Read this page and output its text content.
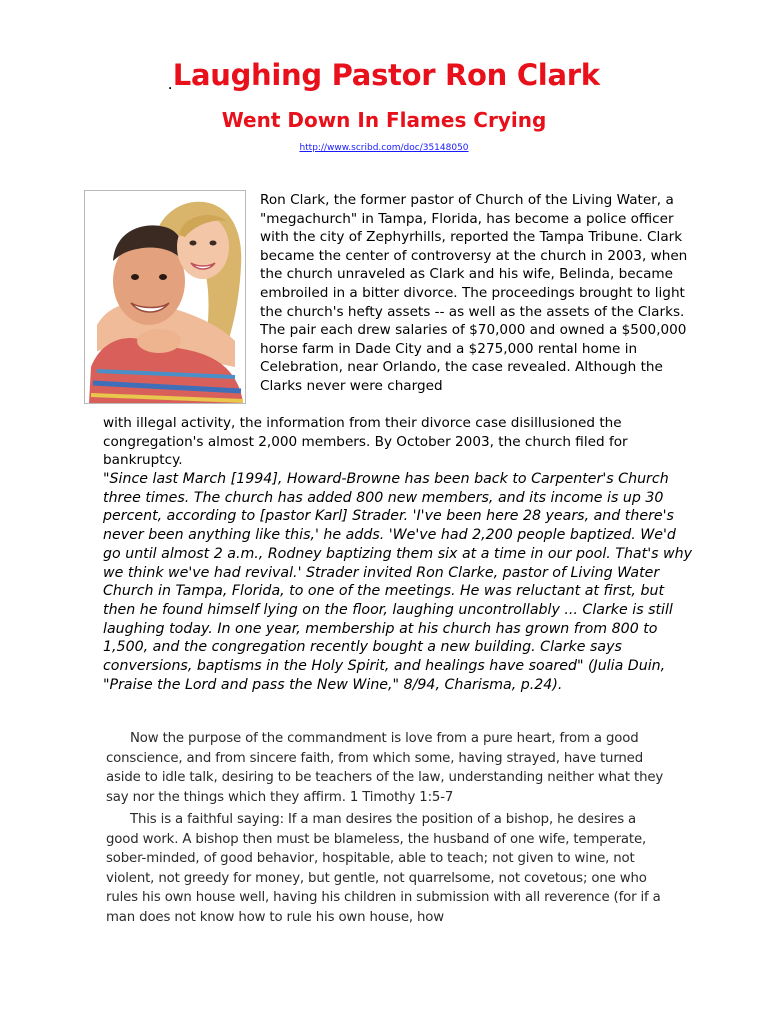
.Laughing Pastor Ron Clark
Went Down In Flames Crying
http://www.scribd.com/doc/35148050
Ron Clark, the former pastor of Church of the Living Water, a "megachurch" in Tampa, Florida, has become a police officer with the city of Zephyrhills, reported the Tampa Tribune. Clark became the center of controversy at the church in 2003, when the church unraveled as Clark and his wife, Belinda, became embroiled in a bitter divorce. The proceedings brought to light the church's hefty assets -- as well as the assets of the Clarks. The pair each drew salaries of $70,000 and owned a $500,000 horse farm in Dade City and a $275,000 rental home in Celebration, near Orlando, the case revealed. Although the Clarks never were charged
with illegal activity, the information from their divorce case disillusioned the congregation's almost 2,000 members. By October 2003, the church filed for bankruptcy.
"Since last March [1994], Howard-Browne has been back to Carpenter's Church three times. The church has added 800 new members, and its income is up 30 percent, according to [pastor Karl] Strader. 'I've been here 28 years, and there's never been anything like this,' he adds. 'We've had 2,200 people baptized. We'd go until almost 2 a.m., Rodney baptizing them six at a time in our pool. That's why we think we've had revival.' Strader invited Ron Clarke, pastor of Living Water Church in Tampa, Florida, to one of the meetings. He was reluctant at first, but then he found himself lying on the floor, laughing uncontrollably ... Clarke is still laughing today. In one year, membership at his church has grown from 800 to 1,500, and the congregation recently bought a new building. Clarke says conversions, baptisms in the Holy Spirit, and healings have soared" (Julia Duin, "Praise the Lord and pass the New Wine," 8/94, Charisma, p.24).

Now the purpose of the commandment is love from a pure heart, from a good conscience, and from sincere faith, from which some, having strayed, have turned aside to idle talk, desiring to be teachers of the law, understanding neither what they say nor the things which they affirm. 1 Timothy 1:5-7

This is a faithful saying: If a man desires the position of a bishop, he desires a good work. A bishop then must be blameless, the husband of one wife, temperate, sober-minded, of good behavior, hospitable, able to teach; not given to wine, not violent, not greedy for money, but gentle, not quarrelsome, not covetous; one who rules his own house well, having his children in submission with all reverence (for if a man does not know how to rule his own house, how
